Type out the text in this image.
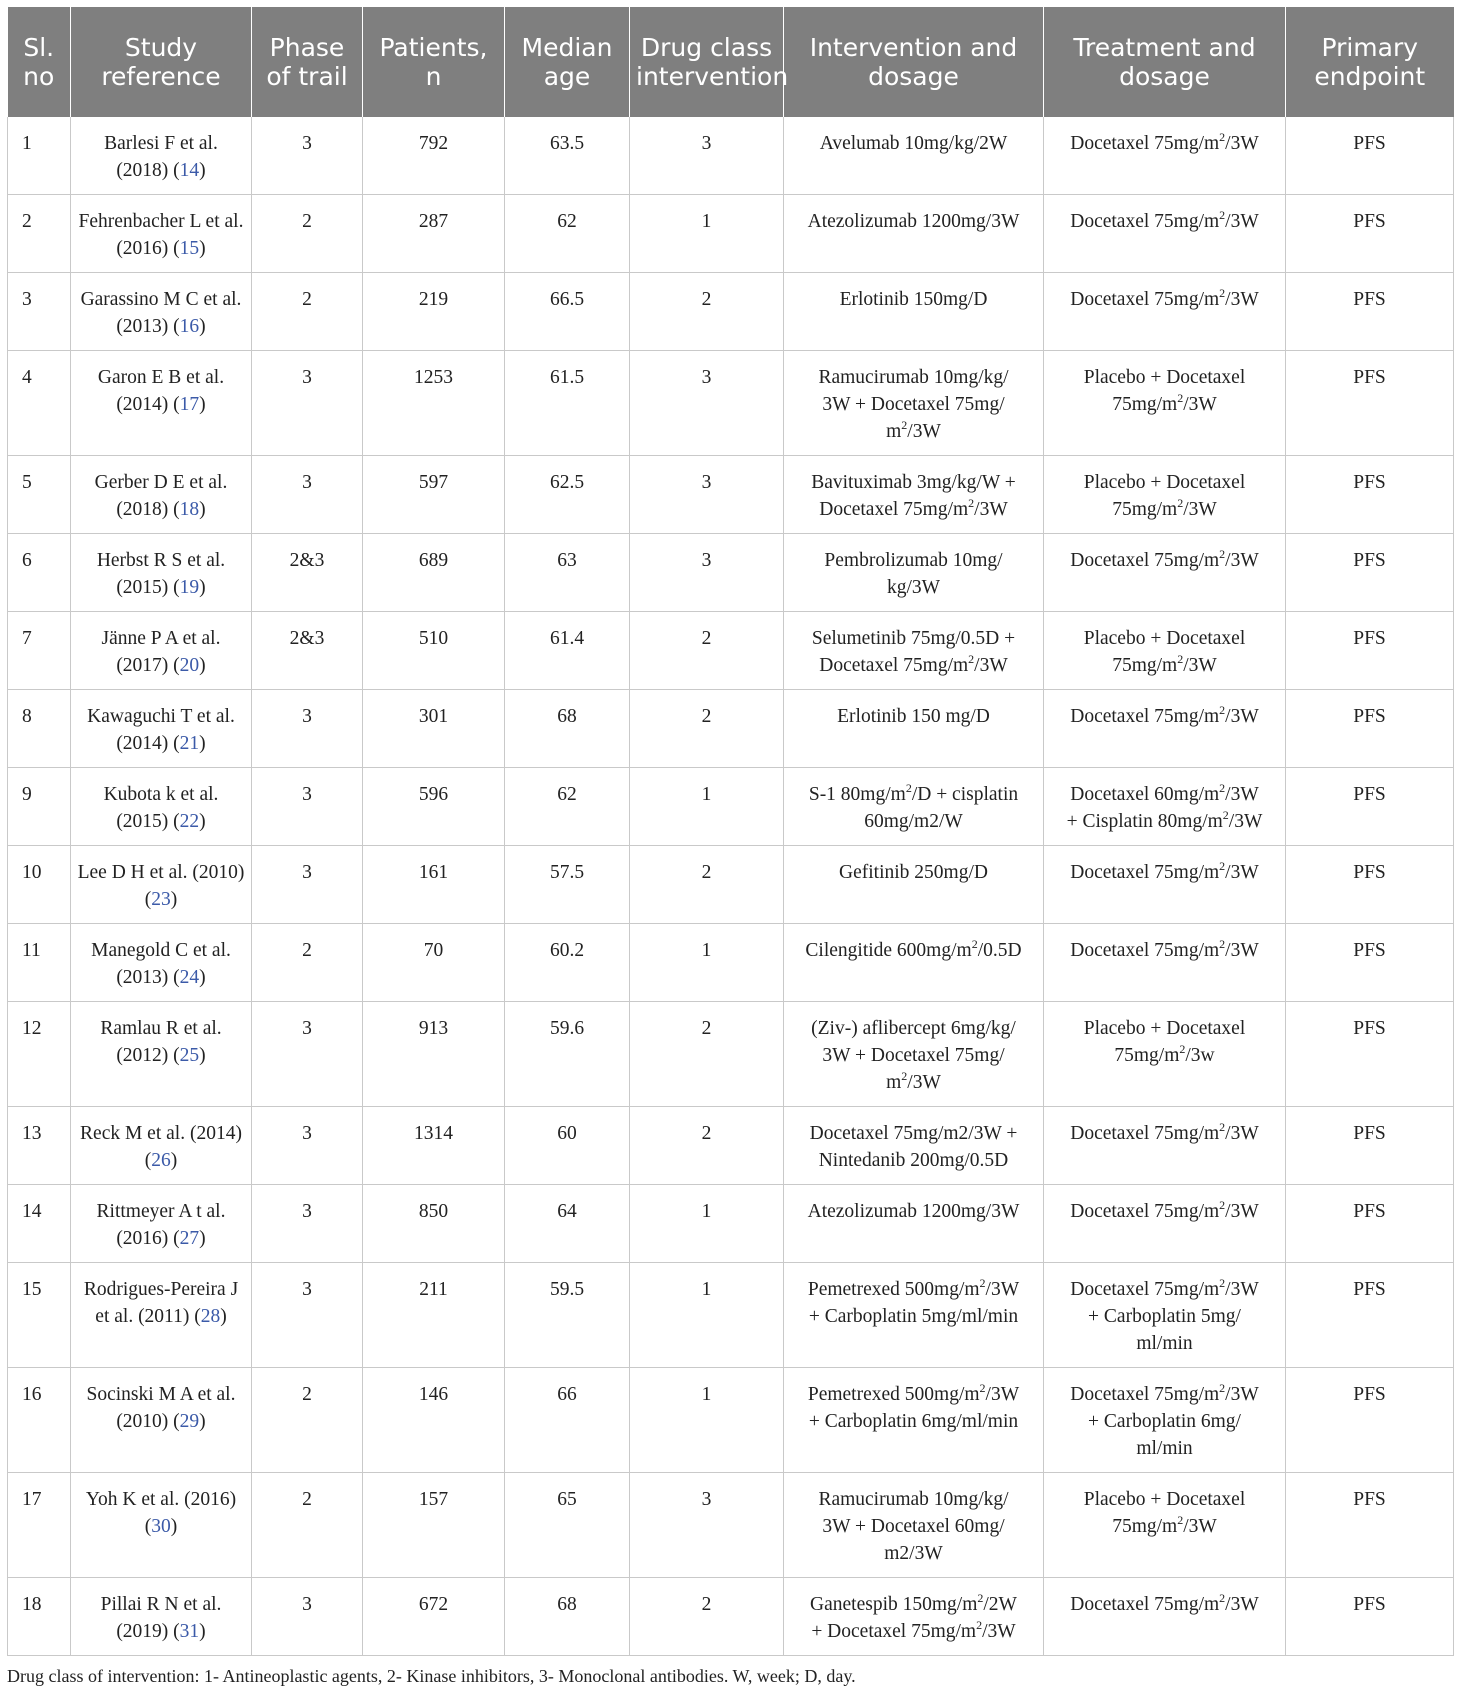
Sl. no	Study reference	Phase of trail	Patients, n	Median age	Drug class intervention	Intervention and dosage	Treatment and dosage	Primary endpoint
1	Barlesi F et al. (2018) (14)	3	792	63.5	3	Avelumab 10mg/kg/2W	Docetaxel $75mg/m^2/3W$	PFS
2	Fehrenbacher L et al. (2016) (15)	2	287	62	1	Atezolizumab 1200mg/3W	Docetaxel $75mg/m^2/3W$	PFS
3	Garassino M C et al. (2013) (16)	2	219	66.5	2	Erlotinib 150mg/D	Docetaxel $75mg/m^2/3W$	PFS
4	Garon E B et al. (2014) (17)	3	1253	61.5	3	Ramucirumab 10mg/kg/
3W + Docetaxel 75mg/
$m^2/3W$	Placebo + Docetaxel
$75mg/m^2/3W$	PFS
5	Gerber D E et al. (2018) (18)	3	597	62.5	3	Bavituximab 3mg/kg/W +
Docetaxel $75mg/m^2/3W$	Placebo + Docetaxel
$75mg/m^2/3W$	PFS
6	Herbst R S et al. (2015) (19)	2&3	689	63	3	Pembrolizumab 10mg/
kg/3W	Docetaxel $75mg/m^2/3W$	PFS
7	Jänne P A et al. (2017) (20)	2&3	510	61.4	2	Selumetinib 75mg/0.5D +
Docetaxel $75mg/m^2/3W$	Placebo + Docetaxel
$75mg/m^2/3W$	PFS
8	Kawaguchi T et al. (2014) (21)	3	301	68	2	Erlotinib 150 mg/D	Docetaxel $75mg/m^2/3W$	PFS
9	Kubota k et al. (2015) (22)	3	596	62	1	S-1 $80mg/m^2/D$ + cisplatin
60mg/m2/W	Docetaxel $60mg/m^2/3W$
+ Cisplatin $80mg/m^2/3W$	PFS
10	Lee D H et al. (2010) (23)	3	161	57.5	2	Gefitinib 250mg/D	Docetaxel $75mg/m^2/3W$	PFS
11	Manegold C et al. (2013) (24)	2	70	60.2	1	Cilengitide $600mg/m^2/0.5D$	Docetaxel $75mg/m^2/3W$	PFS
12	Ramlau R et al. (2012) (25)	3	913	59.6	2	(Ziv-) aflibercept 6mg/kg/
3W + Docetaxel 75mg/
$m^2/3W$	Placebo + Docetaxel
$75mg/m^2/3w$	PFS
13	Reck M et al. (2014) (26)	3	1314	60	2	Docetaxel 75mg/m2/3W +
Nintedanib 200mg/0.5D	Docetaxel $75mg/m^2/3W$	PFS
14	Rittmeyer A t al. (2016) (27)	3	850	64	1	Atezolizumab 1200mg/3W	Docetaxel $75mg/m^2/3W$	PFS
15	Rodrigues-Pereira J et al. (2011) (28)	3	211	59.5	1	Pemetrexed $500mg/m^2/3W$
+ Carboplatin 5mg/ml/min	Docetaxel $75mg/m^2/3W$
+ Carboplatin 5mg/
ml/min	PFS
16	Socinski M A et al. (2010) (29)	2	146	66	1	Pemetrexed $500mg/m^2/3W$
+ Carboplatin 6mg/ml/min	Docetaxel $75mg/m^2/3W$
+ Carboplatin 6mg/
ml/min	PFS
17	Yoh K et al. (2016) (30)	2	157	65	3	Ramucirumab 10mg/kg/
3W + Docetaxel 60mg/
m2/3W	Placebo + Docetaxel
$75mg/m^2/3W$	PFS
18	Pillai R N et al. (2019) (31)	3	672	68	2	Ganetespib $150mg/m^2/2W$
+ Docetaxel $75mg/m^2/3W$	Docetaxel $75mg/m^2/3W$	PFS
Drug class of intervention: 1- Antineoplastic agents, 2- Kinase inhibitors, 3- Monoclonal antibodies. W, week; D, day.
